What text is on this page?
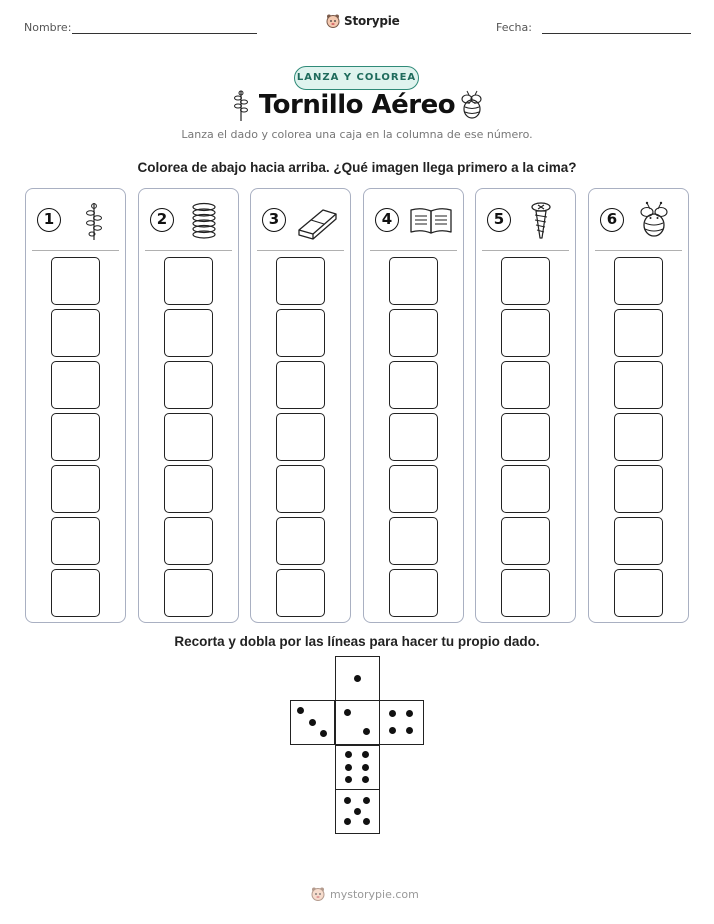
Nombre:	Storypie	Fecha:
LANZA Y COLOREA
Tornillo Aéreo
Lanza el dado y colorea una caja en la columna de ese número.
Colorea de abajo hacia arriba. ¿Qué imagen llega primero a la cima?
1	2	3	4	5	6
Recorta y dobla por las líneas para hacer tu propio dado.
mystorypie.com
